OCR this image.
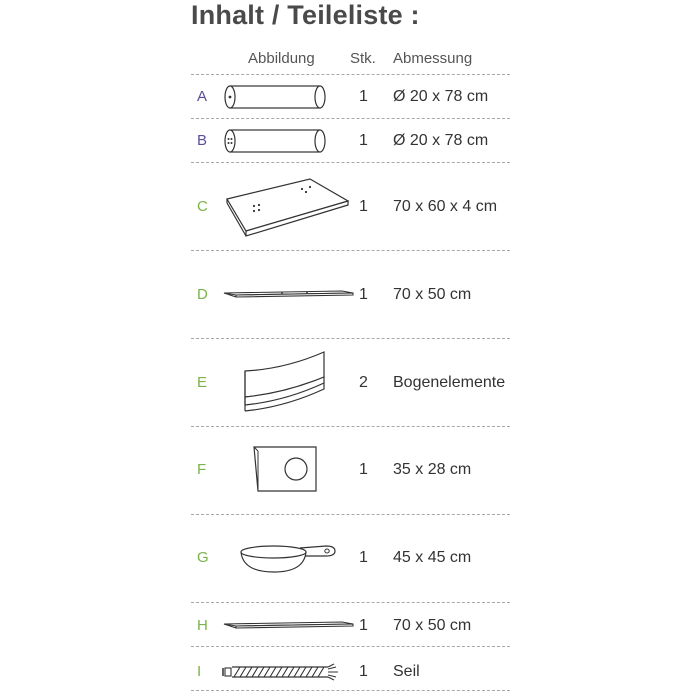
Inhalt / Teileliste :
Abbildung Stk. Abmessung
A	1 Ø 20 x 78 cm
B	1 Ø 20 x 78 cm
C	1 70 x 60 x 4 cm
D	1 70 x 50 cm
E	2 Bogenelemente
F	1 35 x 28 cm
G	1 45 x 45 cm
H	1 70 x 50 cm
I	1 Seil
